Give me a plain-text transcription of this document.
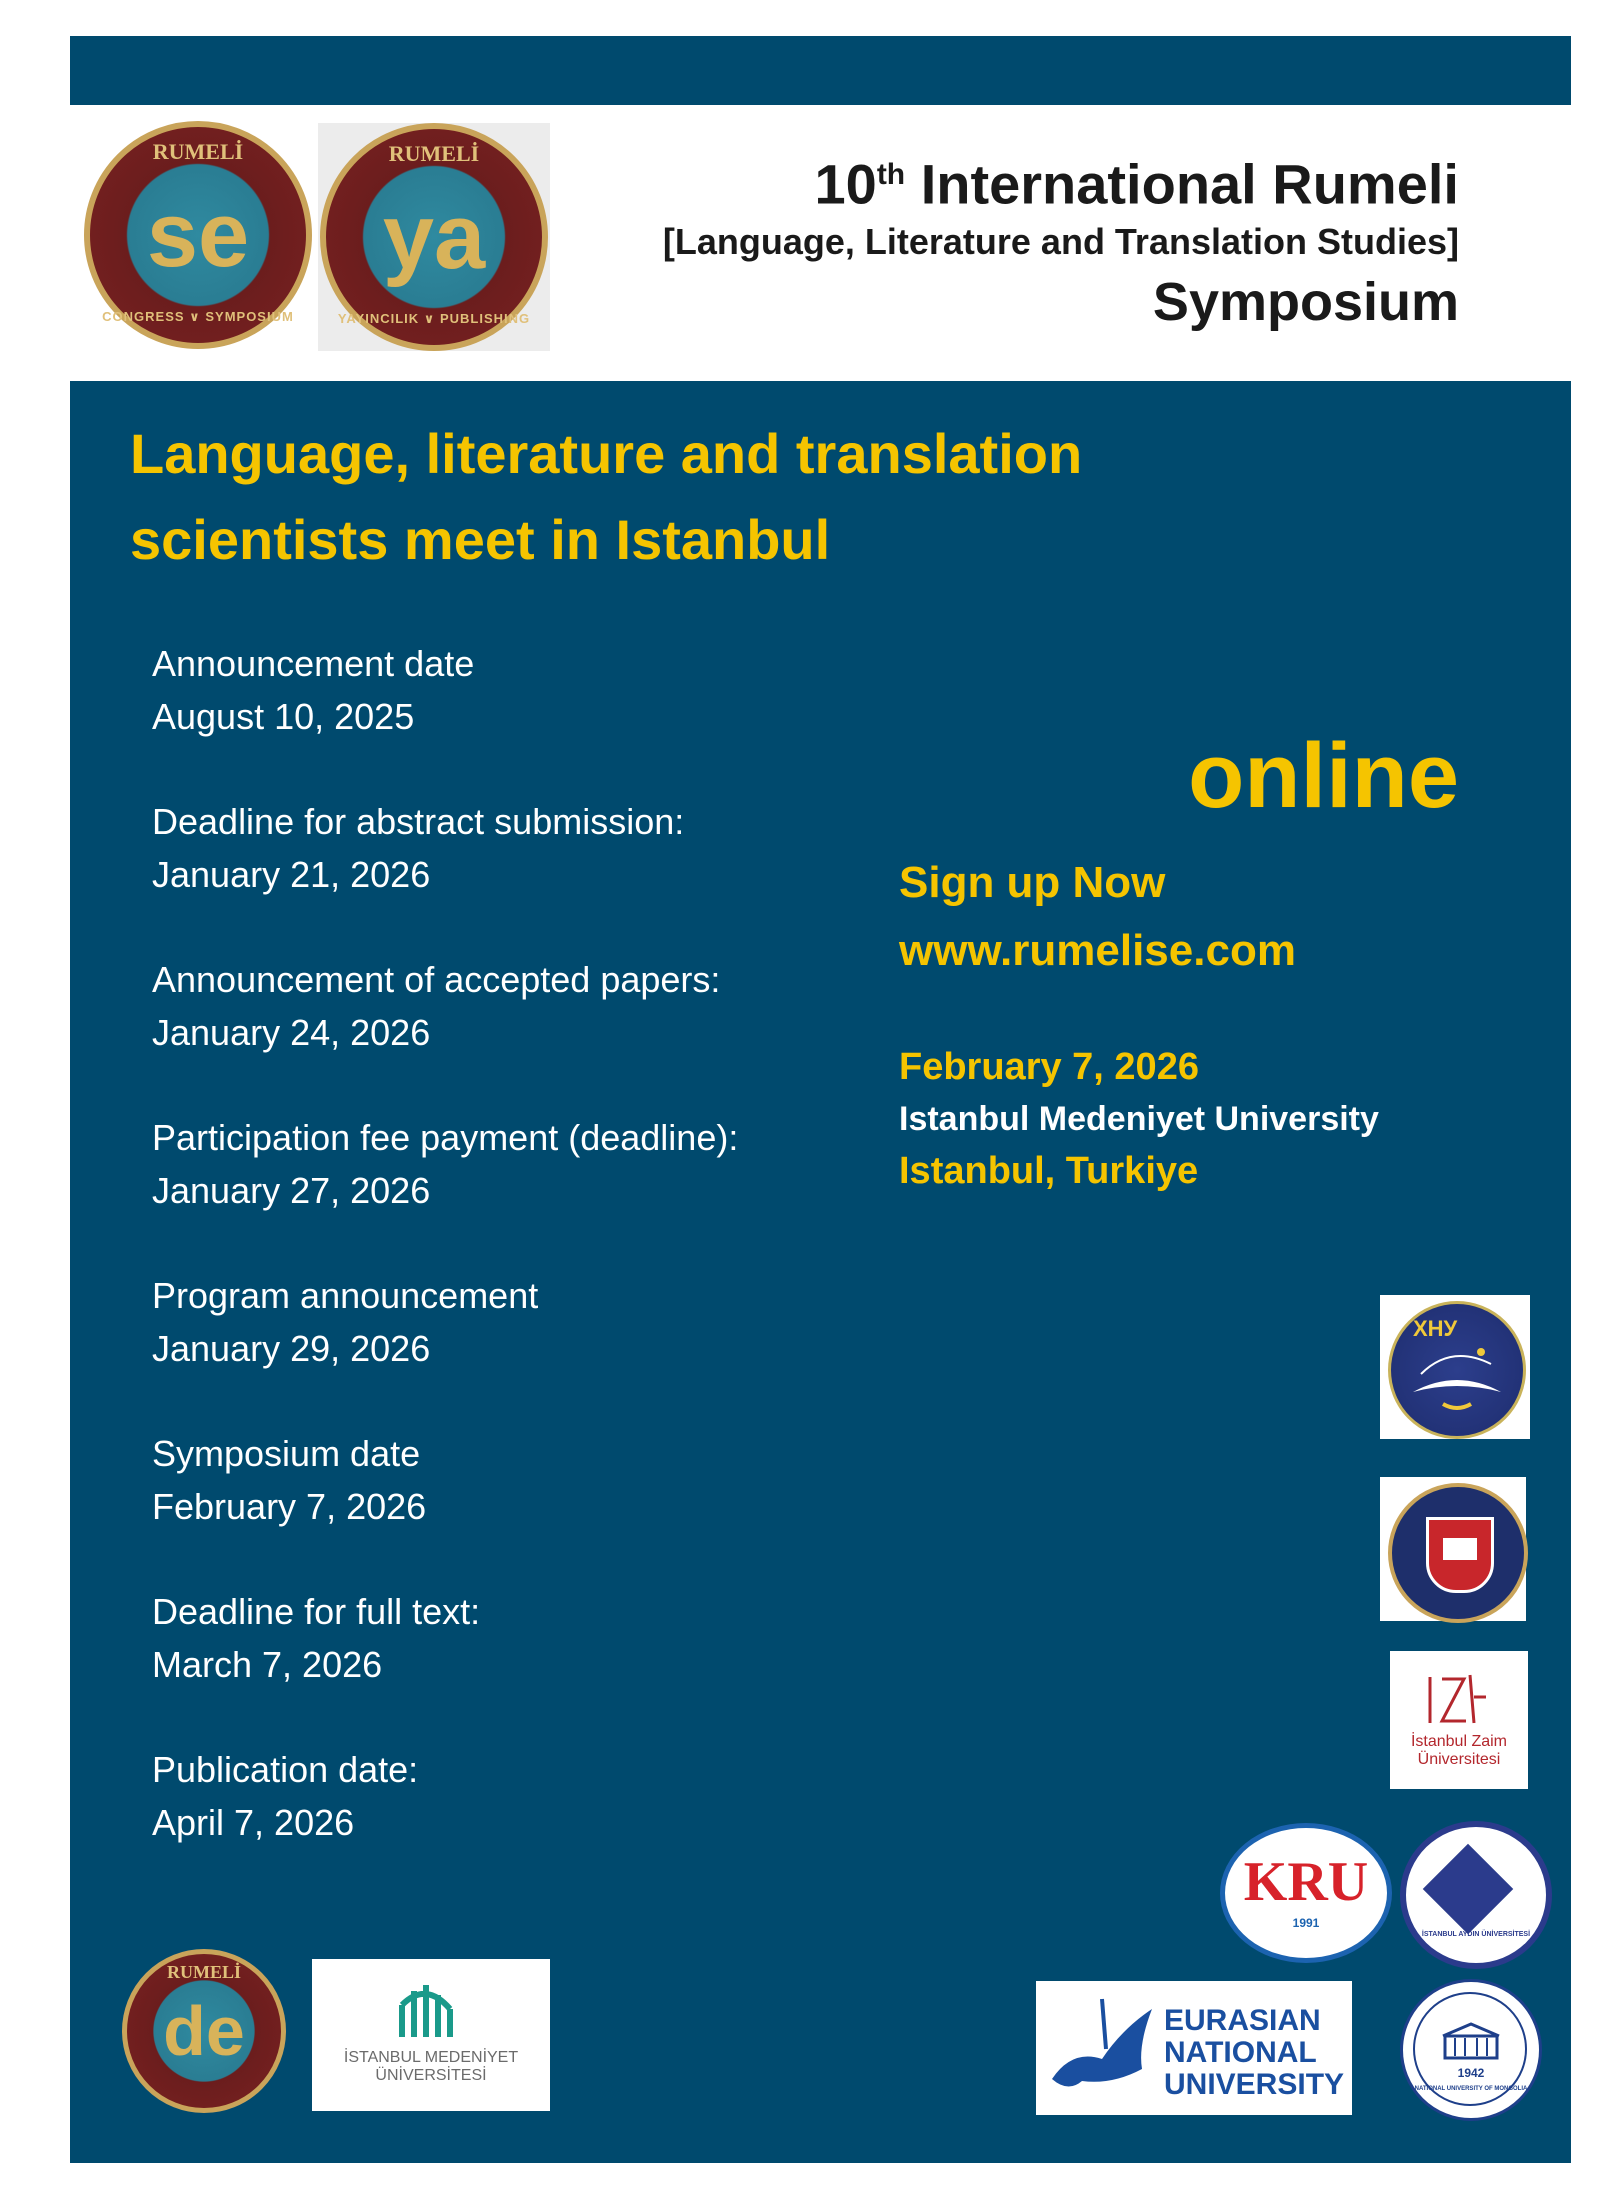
RUMELİ
se
CONGRESS ∨ SYMPOSIUM
RUMELİ
ya
YAYINCILIK ∨ PUBLISHING
10th International Rumeli
[Language, Literature and Translation Studies]
Symposium
Language, literature and translation
scientists meet in Istanbul
Announcement date
August 10, 2025
Deadline for abstract submission:
January 21, 2026
Announcement of accepted papers:
January 24, 2026
Participation fee payment (deadline):
January 27, 2026
Program announcement
January 29, 2026
Symposium date
February 7, 2026
Deadline for full text:
March 7, 2026
Publication date:
April 7, 2026
online
Sign up Now
www.rumelise.com
February 7, 2026
Istanbul Medeniyet University
Istanbul, Turkiye
ХНУ
İstanbul Zaim
Üniversitesi
KRU
1991
İSTANBUL AYDIN ÜNİVERSİTESİ
EURASIAN
NATIONAL
UNIVERSITY	1942
NATIONAL UNIVERSITY OF MONGOLIA
RUMELİ
de	İSTANBUL MEDENİYET
ÜNİVERSİTESİ
